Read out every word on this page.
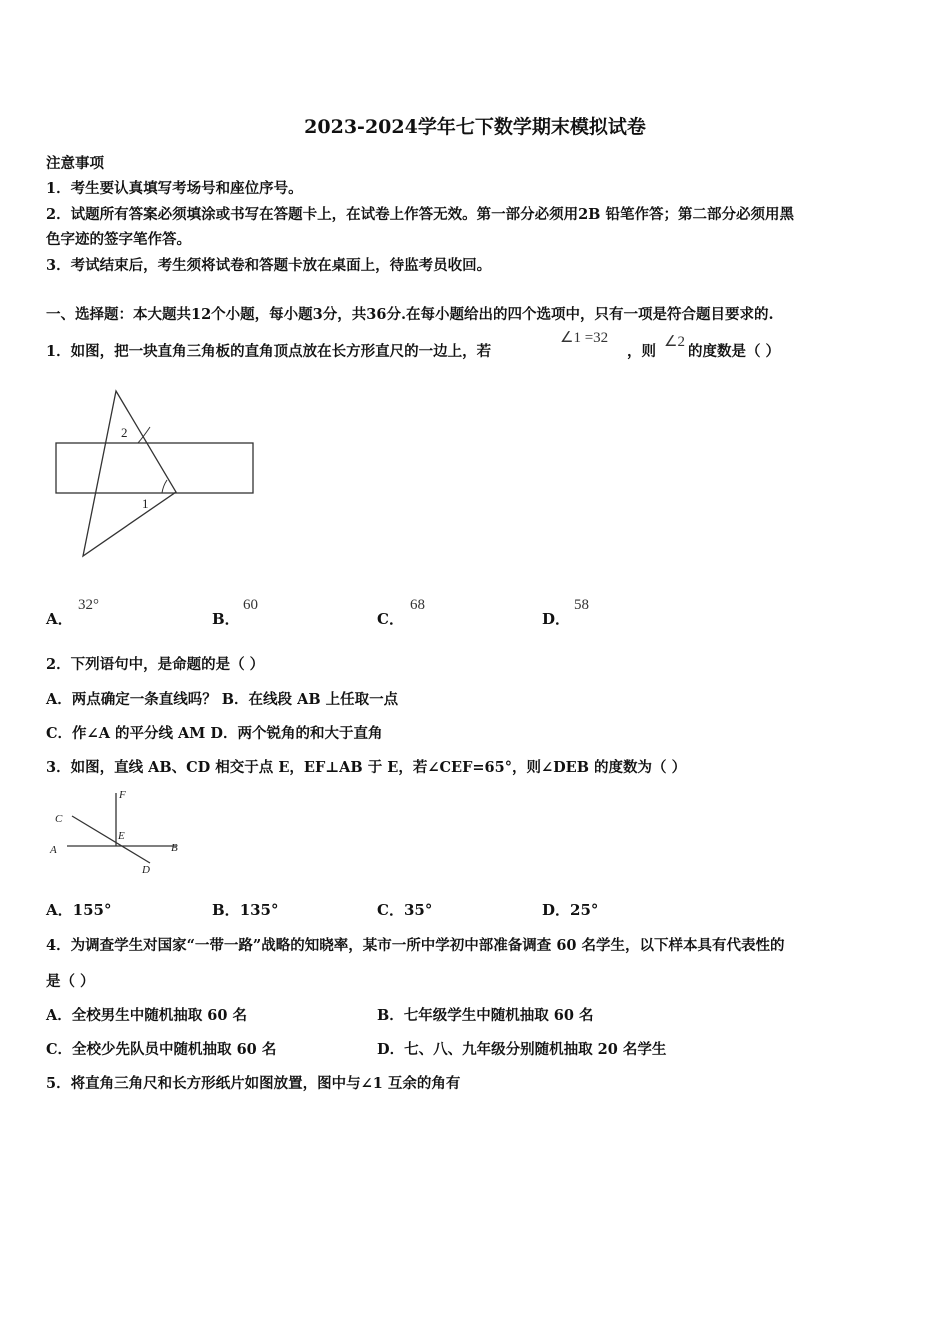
2023-2024学年七下数学期末模拟试卷
注意事项
1．考生要认真填写考场号和座位序号。
2．试题所有答案必须填涂或书写在答题卡上，在试卷上作答无效。第一部分必须用2B 铅笔作答；第二部分必须用黑
色字迹的签字笔作答。
3．考试结束后，考生须将试卷和答题卡放在桌面上，待监考员收回。
一、选择题：本大题共12个小题，每小题3分，共36分.在每小题给出的四个选项中，只有一项是符合题目要求的.
1．如图，把一块直角三角板的直角顶点放在长方形直尺的一边上，若
∠1 =32
，则
∠2
的度数是（ ）
2
1
A．
32°
B．
60
C．
68
D．
58
2．下列语句中，是命题的是（ ）
A．两点确定一条直线吗？ B．在线段 AB 上任取一点
C．作∠A 的平分线 AM D．两个锐角的和大于直角
3．如图，直线 AB、CD 相交于点 E，EF⊥AB 于 E，若∠CEF=65°，则∠DEB 的度数为（ ）
F
C
E
A	B
D
A．155°	B．135°	C．35°	D．25°
4．为调查学生对国家“一带一路”战略的知晓率，某市一所中学初中部准备调查 60 名学生，以下样本具有代表性的
是（ ）
A．全校男生中随机抽取 60 名	B．七年级学生中随机抽取 60 名
C．全校少先队员中随机抽取 60 名	D．七、八、九年级分别随机抽取 20 名学生
5．将直角三角尺和长方形纸片如图放置，图中与∠1 互余的角有
